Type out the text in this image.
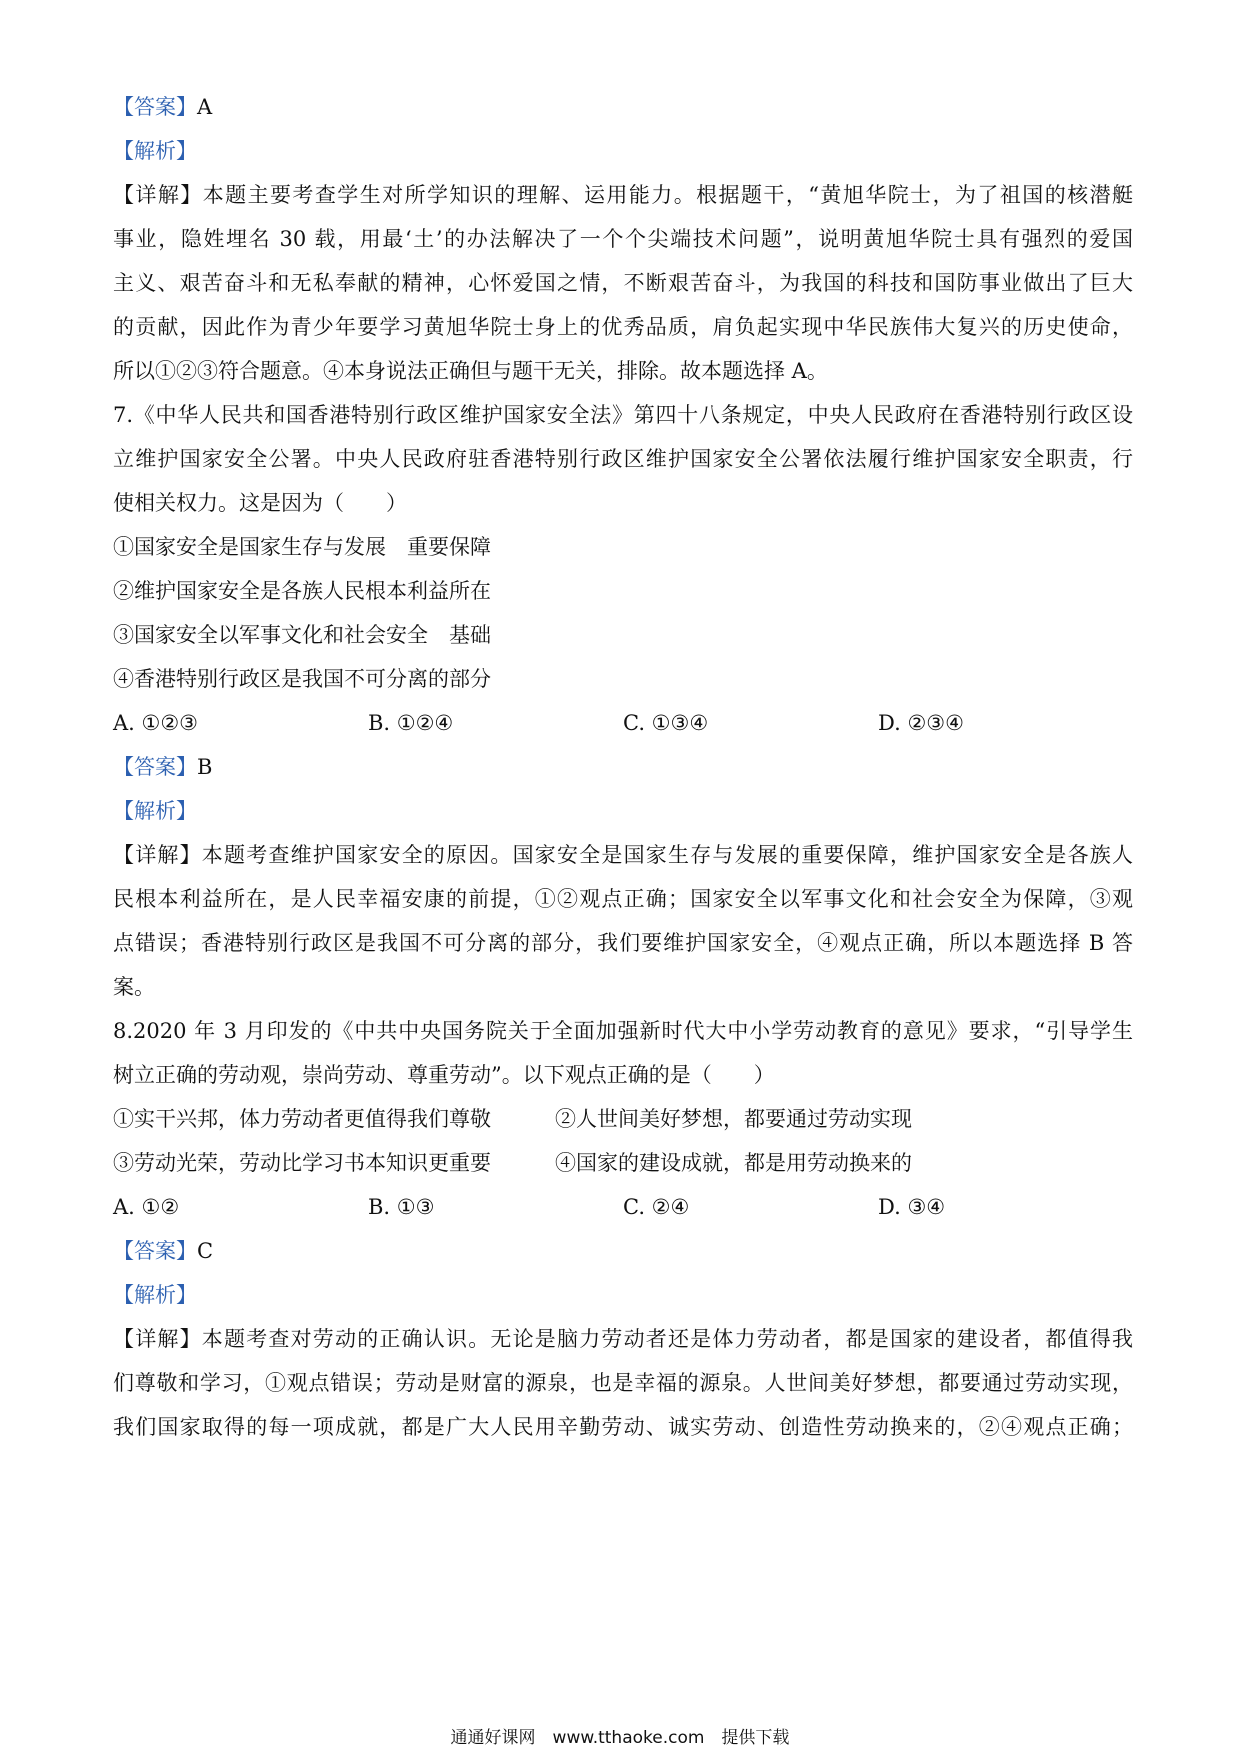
【答案】A
【解析】
【详解】本题主要考查学生对所学知识的理解、运用能力。根据题干，“黄旭华院士，为了祖国的核潜艇
事业，隐姓埋名 30 载，用最‘土’的办法解决了一个个尖端技术问题”，说明黄旭华院士具有强烈的爱国
主义、艰苦奋斗和无私奉献的精神，心怀爱国之情，不断艰苦奋斗，为我国的科技和国防事业做出了巨大
的贡献，因此作为青少年要学习黄旭华院士身上的优秀品质，肩负起实现中华民族伟大复兴的历史使命，
所以①②③符合题意。④本身说法正确但与题干无关，排除。故本题选择 A。
7.《中华人民共和国香港特别行政区维护国家安全法》第四十八条规定，中央人民政府在香港特别行政区设
立维护国家安全公署。中央人民政府驻香港特别行政区维护国家安全公署依法履行维护国家安全职责，行
使相关权力。这是因为（　　）
①国家安全是国家生存与发展　重要保障
②维护国家安全是各族人民根本利益所在
③国家安全以军事文化和社会安全　基础
④香港特别行政区是我国不可分离的部分
A. ①②③	B. ①②④	C. ①③④	D. ②③④
【答案】B
【解析】
【详解】本题考查维护国家安全的原因。国家安全是国家生存与发展的重要保障，维护国家安全是各族人
民根本利益所在，是人民幸福安康的前提，①②观点正确；国家安全以军事文化和社会安全为保障，③观
点错误；香港特别行政区是我国不可分离的部分，我们要维护国家安全，④观点正确，所以本题选择 B 答
案。
8.2020 年 3 月印发的《中共中央国务院关于全面加强新时代大中小学劳动教育的意见》要求，“引导学生
树立正确的劳动观，崇尚劳动、尊重劳动”。以下观点正确的是（　　）
①实干兴邦，体力劳动者更值得我们尊敬	②人世间美好梦想，都要通过劳动实现
③劳动光荣，劳动比学习书本知识更重要	④国家的建设成就，都是用劳动换来的
A. ①②	B. ①③	C. ②④	D. ③④
【答案】C
【解析】
【详解】本题考查对劳动的正确认识。无论是脑力劳动者还是体力劳动者，都是国家的建设者，都值得我
们尊敬和学习，①观点错误；劳动是财富的源泉，也是幸福的源泉。人世间美好梦想，都要通过劳动实现，
我们国家取得的每一项成就，都是广大人民用辛勤劳动、诚实劳动、创造性劳动换来的，②④观点正确；
通通好课网　www.tthaoke.com　提供下载
